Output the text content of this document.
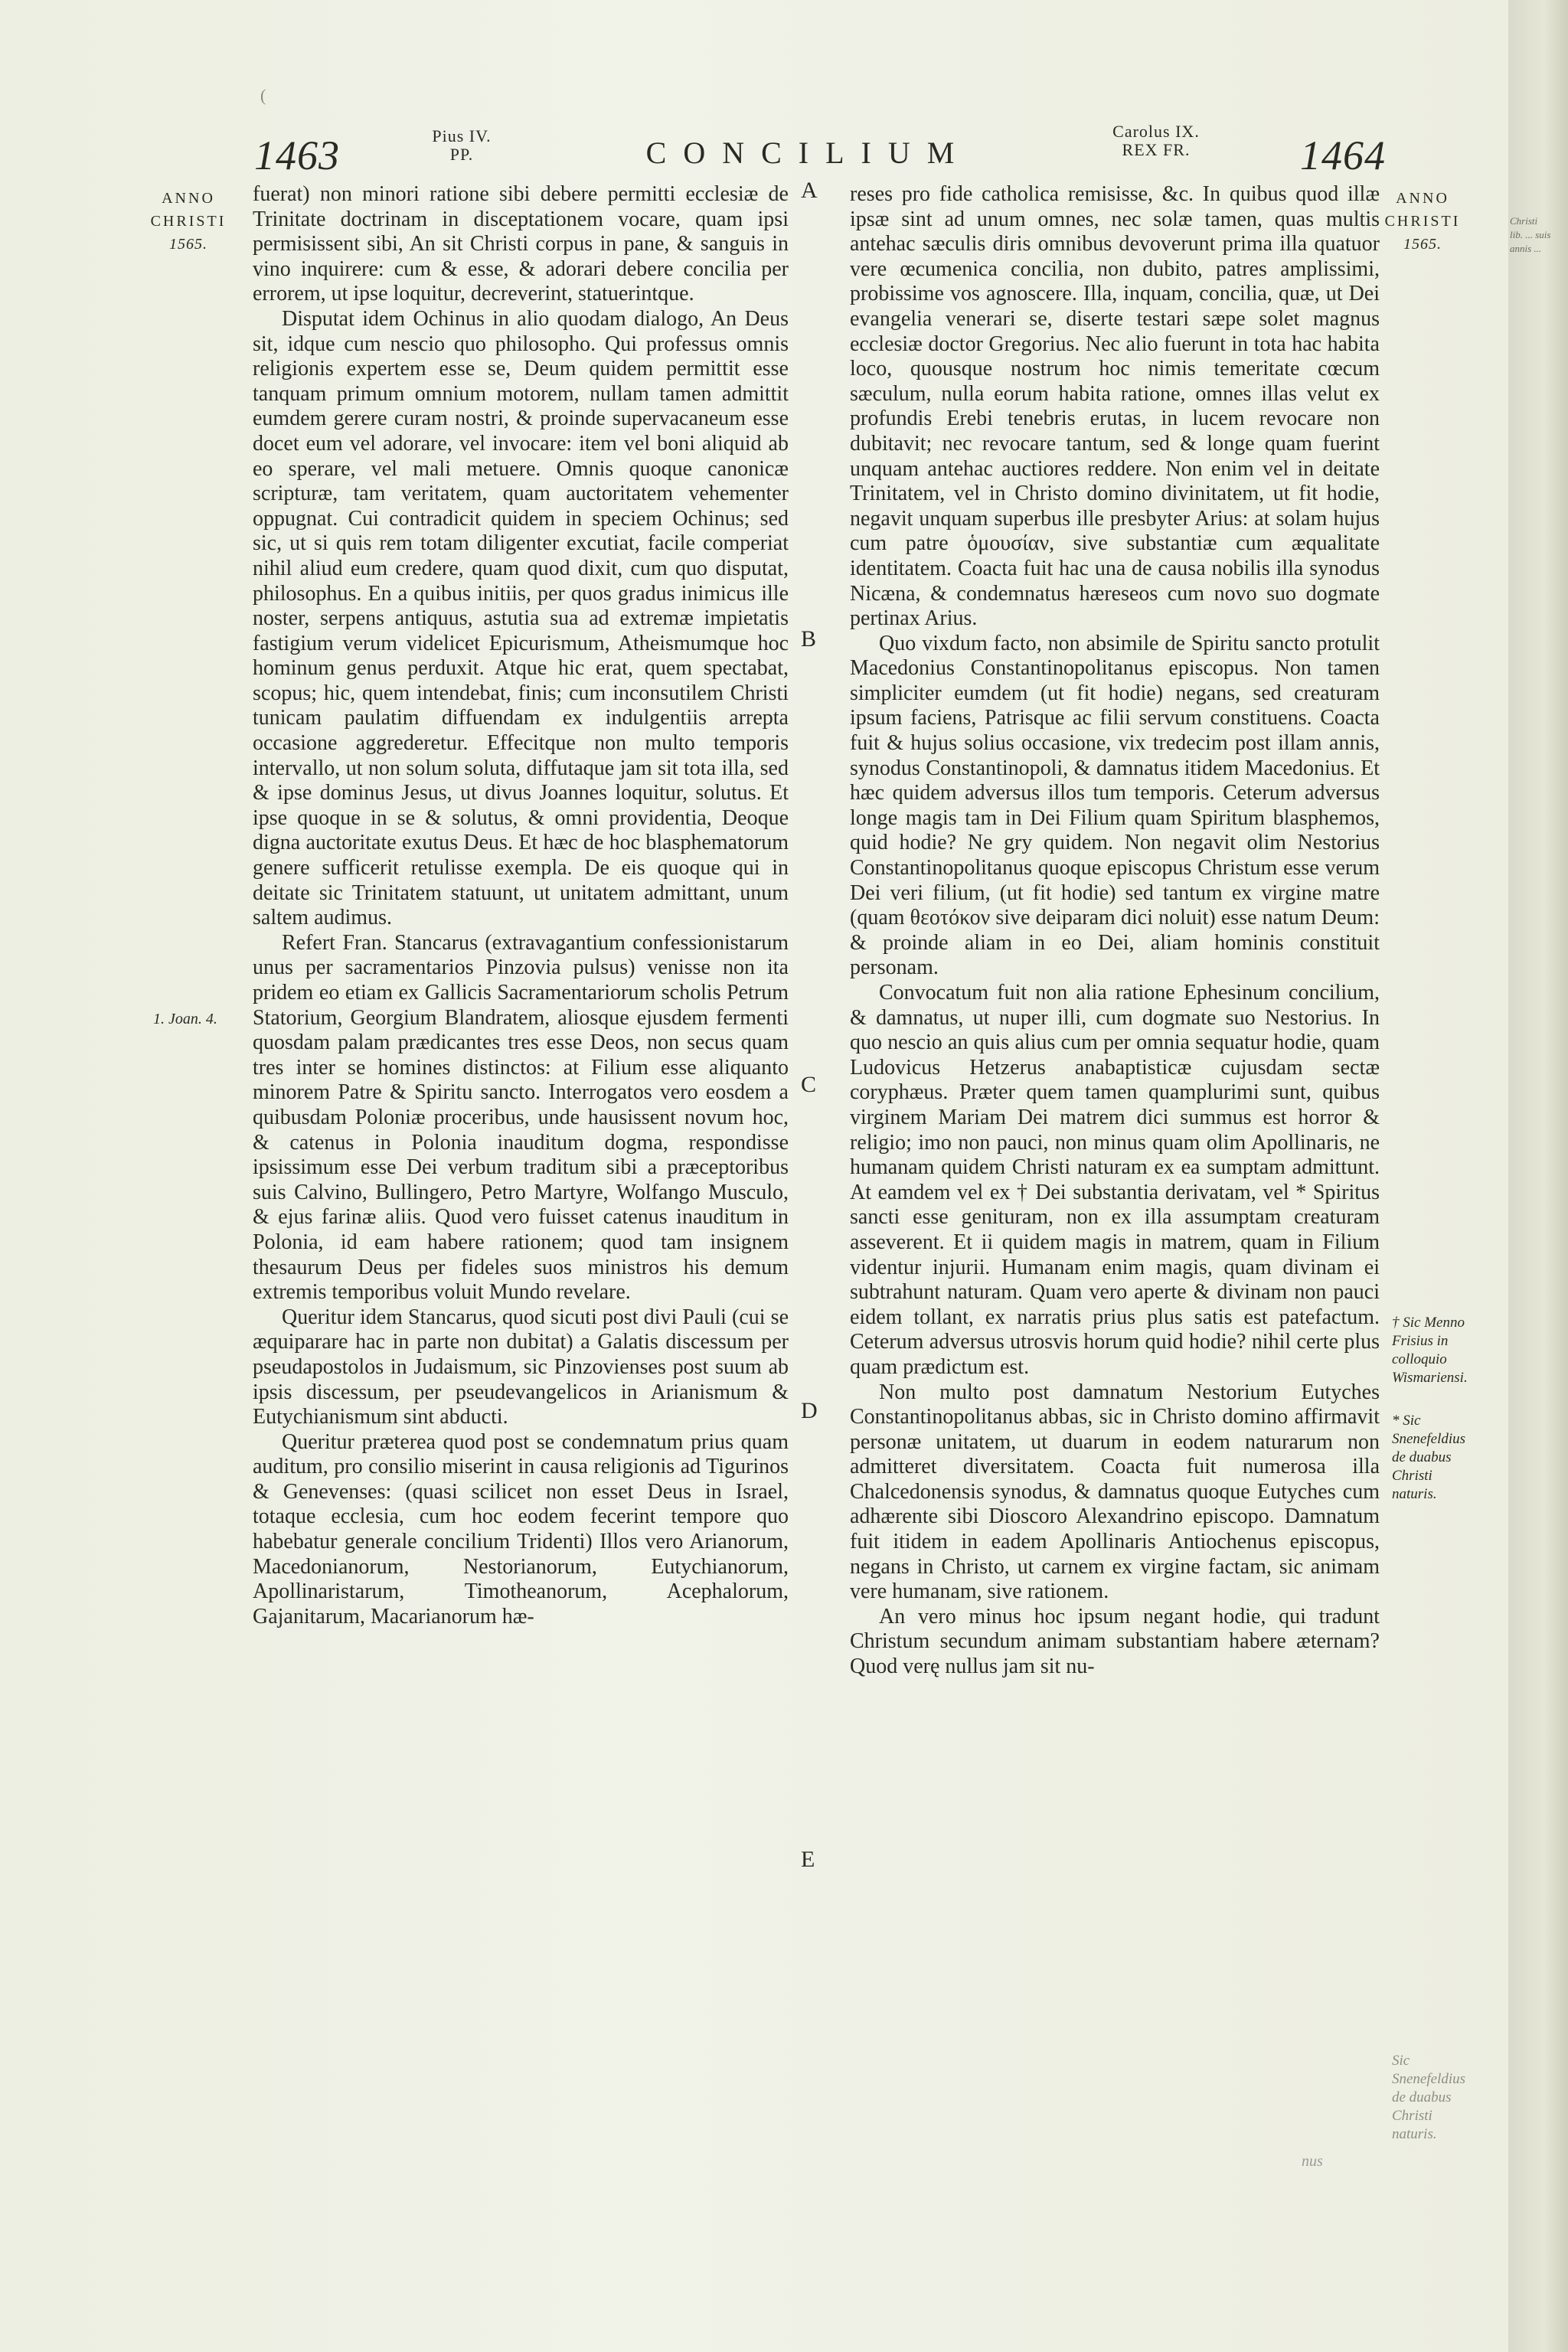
(
1463	Pius IV.
PP.	CONCILIUM
Carolus IX.
REX FR.	1464
ANNO
CHRISTI
1565.
ANNO
CHRISTI
1565.
1. Joan. 4.

fuerat) non minori ratione sibi debere permitti ecclesiæ de Trinitate doctrinam in disceptationem vocare, quam ipsi permisissent sibi, An sit Christi corpus in pane, & sanguis in vino inquirere: cum & esse, & adorari debere concilia per errorem, ut ipse loquitur, decreverint, statuerintque.

Disputat idem Ochinus in alio quodam dialogo, An Deus sit, idque cum nescio quo philosopho. Qui professus omnis religionis expertem esse se, Deum quidem permittit esse tanquam primum omnium motorem, nullam tamen admittit eumdem gerere curam nostri, & proinde supervacaneum esse docet eum vel adorare, vel invocare: item vel boni aliquid ab eo sperare, vel mali metuere. Omnis quoque canonicæ scripturæ, tam veritatem, quam auctoritatem vehementer oppugnat. Cui contradicit quidem in speciem Ochinus; sed sic, ut si quis rem totam diligenter excutiat, facile comperiat nihil aliud eum credere, quam quod dixit, cum quo disputat, philosophus. En a quibus initiis, per quos gradus inimicus ille noster, serpens antiquus, astutia sua ad extremæ impietatis fastigium verum videlicet Epicurismum, Atheismumque hoc hominum genus perduxit. Atque hic erat, quem spectabat, scopus; hic, quem intendebat, finis; cum inconsutilem Christi tunicam paulatim diffuendam ex indulgentiis arrepta occasione aggrederetur. Effecitque non multo temporis intervallo, ut non solum soluta, diffutaque jam sit tota illa, sed & ipse dominus Jesus, ut divus Joannes loquitur, solutus. Et ipse quoque in se & solutus, & omni providentia, Deoque digna auctoritate exutus Deus. Et hæc de hoc blasphematorum genere sufficerit retulisse exempla. De eis quoque qui in deitate sic Trinitatem statuunt, ut unitatem admittant, unum saltem audimus.

Refert Fran. Stancarus (extravagantium confessionistarum unus per sacramentarios Pinzovia pulsus) venisse non ita pridem eo etiam ex Gallicis Sacramentariorum scholis Petrum Statorium, Georgium Blandratem, aliosque ejusdem fermenti quosdam palam prædicantes tres esse Deos, non secus quam tres inter se homines distinctos: at Filium esse aliquanto minorem Patre & Spiritu sancto. Interrogatos vero eosdem a quibusdam Poloniæ proceribus, unde hausissent novum hoc, & catenus in Polonia inauditum dogma, respondisse ipsissimum esse Dei verbum traditum sibi a præceptoribus suis Calvino, Bullingero, Petro Martyre, Wolfango Musculo, & ejus farinæ aliis. Quod vero fuisset catenus inauditum in Polonia, id eam habere rationem; quod tam insignem thesaurum Deus per fideles suos ministros his demum extremis temporibus voluit Mundo revelare.

Queritur idem Stancarus, quod sicuti post divi Pauli (cui se æquiparare hac in parte non dubitat) a Galatis discessum per pseudapostolos in Judaismum, sic Pinzovienses post suum ab ipsis discessum, per pseudevangelicos in Arianismum & Eutychianismum sint abducti.

Queritur præterea quod post se condemnatum prius quam auditum, pro consilio miserint in causa religionis ad Tigurinos & Genevenses: (quasi scilicet non esset Deus in Israel, totaque ecclesia, cum hoc eodem fecerint tempore quo habebatur generale concilium Tridenti) Illos vero Arianorum, Macedonianorum, Nestorianorum, Eutychianorum, Apollinaristarum, Timotheanorum, Acephalorum, Gajanitarum, Macarianorum hæ-

A
B
C
D
E

reses pro fide catholica remisisse, &c. In quibus quod illæ ipsæ sint ad unum omnes, nec solæ tamen, quas multis antehac sæculis diris omnibus devoverunt prima illa quatuor vere œcumenica concilia, non dubito, patres amplissimi, probissime vos agnoscere. Illa, inquam, concilia, quæ, ut Dei evangelia venerari se, diserte testari sæpe solet magnus ecclesiæ doctor Gregorius. Nec alio fuerunt in tota hac habita loco, quousque nostrum hoc nimis temeritate cœcum sæculum, nulla eorum habita ratione, omnes illas velut ex profundis Erebi tenebris erutas, in lucem revocare non dubitavit; nec revocare tantum, sed & longe quam fuerint unquam antehac auctiores reddere. Non enim vel in deitate Trinitatem, vel in Christo domino divinitatem, ut fit hodie, negavit unquam superbus ille presbyter Arius: at solam hujus cum patre ὁμουσίαν, sive substantiæ cum æqualitate identitatem. Coacta fuit hac una de causa nobilis illa synodus Nicæna, & condemnatus hæreseos cum novo suo dogmate pertinax Arius.

Quo vixdum facto, non absimile de Spiritu sancto protulit Macedonius Constantinopolitanus episcopus. Non tamen simpliciter eumdem (ut fit hodie) negans, sed creaturam ipsum faciens, Patrisque ac filii servum constituens. Coacta fuit & hujus solius occasione, vix tredecim post illam annis, synodus Constantinopoli, & damnatus itidem Macedonius. Et hæc quidem adversus illos tum temporis. Ceterum adversus longe magis tam in Dei Filium quam Spiritum blasphemos, quid hodie? Ne gry quidem. Non negavit olim Nestorius Constantinopolitanus quoque episcopus Christum esse verum Dei veri filium, (ut fit hodie) sed tantum ex virgine matre (quam θεοτόκον sive deiparam dici noluit) esse natum Deum: & proinde aliam in eo Dei, aliam hominis constituit personam.

Convocatum fuit non alia ratione Ephesinum concilium, & damnatus, ut nuper illi, cum dogmate suo Nestorius. In quo nescio an quis alius cum per omnia sequatur hodie, quam Ludovicus Hetzerus anabaptisticæ cujusdam sectæ coryphæus. Præter quem tamen quamplurimi sunt, quibus virginem Mariam Dei matrem dici summus est horror & religio; imo non pauci, non minus quam olim Apollinaris, ne humanam quidem Christi naturam ex ea sumptam admittunt. At eamdem vel ex † Dei substantia derivatam, vel * Spiritus sancti esse genituram, non ex illa assumptam creaturam asseverent. Et ii quidem magis in matrem, quam in Filium videntur injurii. Humanam enim magis, quam divinam ei subtrahunt naturam. Quam vero aperte & divinam non pauci eidem tollant, ex narratis prius plus satis est patefactum. Ceterum adversus utrosvis horum quid hodie? nihil certe plus quam prædictum est.

Non multo post damnatum Nestorium Eutyches Constantinopolitanus abbas, sic in Christo domino affirmavit personæ unitatem, ut duarum in eodem naturarum non admitteret diversitatem. Coacta fuit numerosa illa Chalcedonensis synodus, & damnatus quoque Eutyches cum adhærente sibi Dioscoro Alexandrino episcopo. Damnatum fuit itidem in eadem Apollinaris Antiochenus episcopus, negans in Christo, ut carnem ex virgine factam, sic animam vere humanam, sive rationem.

An vero minus hoc ipsum negant hodie, qui tradunt Christum secundum animam substantiam habere æternam? Quod verę nullus jam sit nu-

† Sic Menno Frisius in colloquio Wismariensi.
* Sic Snenefeldius de duabus Christi naturis.
Sic Snenefeldius de duabus Christi naturis.
Christi lib. ... suis annis ...
nus
